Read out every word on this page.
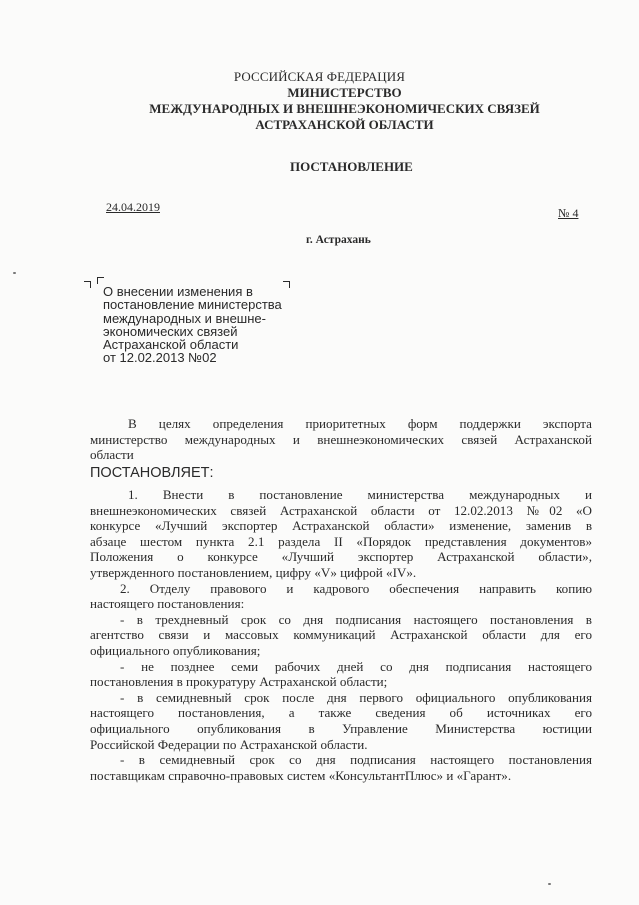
РОССИЙСКАЯ ФЕДЕРАЦИЯ
МИНИСТЕРСТВО
МЕЖДУНАРОДНЫХ И ВНЕШНЕЭКОНОМИЧЕСКИХ СВЯЗЕЙ
АСТРАХАНСКОЙ ОБЛАСТИ
ПОСТАНОВЛЕНИЕ
24.04.2019	№ 4
г. Астрахань
О внесении изменения в
постановление министерства
международных и внешне-
экономических связей
Астраханской области
от 12.02.2013 №02
В целях определения приоритетных форм поддержки экспорта
министерство международных и внешнеэкономических связей Астраханской
области
ПОСТАНОВЛЯЕТ:
1. Внести в постановление министерства международных и
внешнеэкономических связей Астраханской области от 12.02.2013 №02 «О
конкурсе «Лучший экспортер Астраханской области» изменение, заменив в
абзаце шестом пункта 2.1 раздела II «Порядок представления документов»
Положения о конкурсе «Лучший экспортер Астраханской области»,
утвержденного постановлением, цифру «V» цифрой «IV».
2. Отделу правового и кадрового обеспечения направить копию
настоящего постановления:
- в трехдневный срок со дня подписания настоящего постановления в
агентство связи и массовых коммуникаций Астраханской области для его
официального опубликования;
- не позднее семи рабочих дней со дня подписания настоящего
постановления в прокуратуру Астраханской области;
- в семидневный срок после дня первого официального опубликования
настоящего постановления, а также сведения об источниках его
официального опубликования в Управление Министерства юстиции
Российской Федерации по Астраханской области.
- в семидневный срок со дня подписания настоящего постановления
поставщикам справочно-правовых систем «КонсультантПлюс» и «Гарант».
